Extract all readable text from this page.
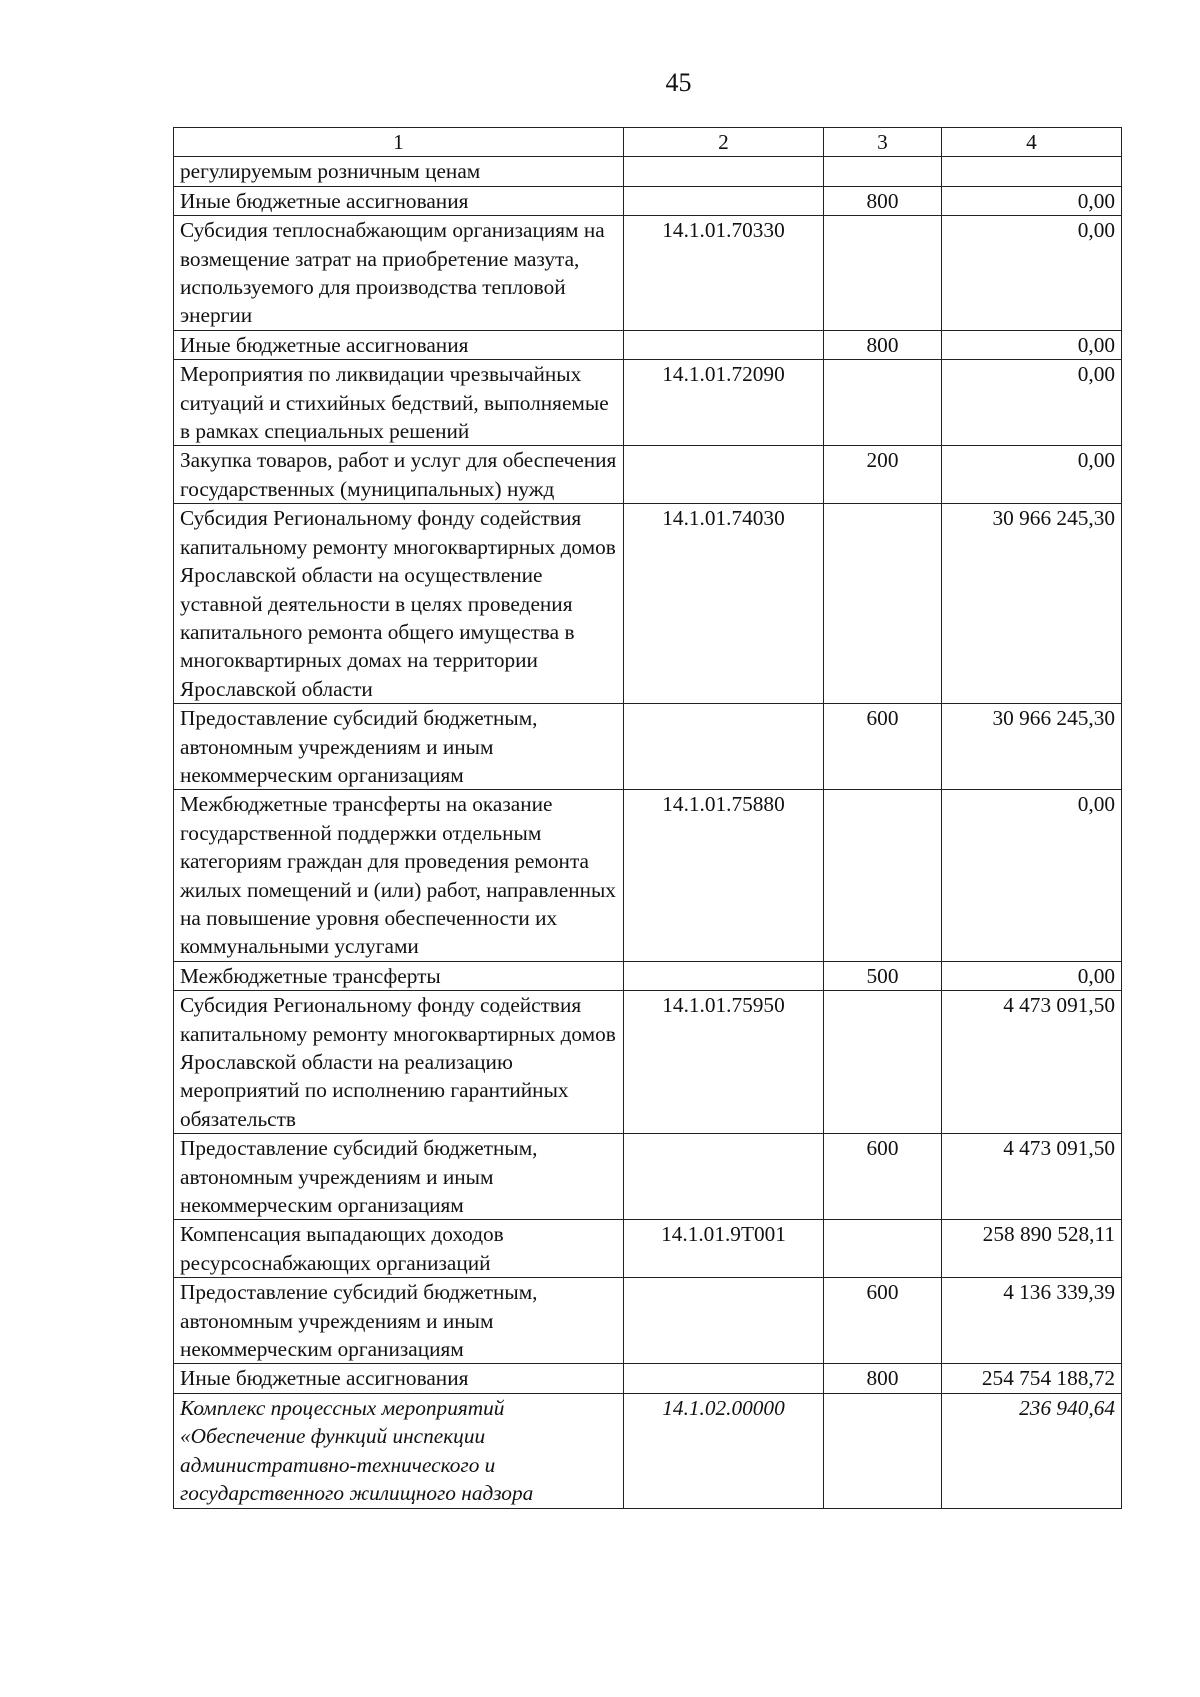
45
1	2	3	4
регулируемым розничным ценам			
Иные бюджетные ассигнования		800	0,00
Субсидия теплоснабжающим организациям на возмещение затрат на приобретение мазута, используемого для производства тепловой энергии	14.1.01.70330		0,00
Иные бюджетные ассигнования		800	0,00
Мероприятия по ликвидации чрезвычайных ситуаций и стихийных бедствий, выполняемые в рамках специальных решений	14.1.01.72090		0,00
Закупка товаров, работ и услуг для обеспечения государственных (муниципальных) нужд		200	0,00
Субсидия Региональному фонду содействия капитальному ремонту многоквартирных домов Ярославской области на осуществление уставной деятельности в целях проведения капитального ремонта общего имущества в многоквартирных домах на территории Ярославской области	14.1.01.74030		30 966 245,30
Предоставление субсидий бюджетным, автономным учреждениям и иным некоммерческим организациям		600	30 966 245,30
Межбюджетные трансферты на оказание государственной поддержки отдельным категориям граждан для проведения ремонта жилых помещений и (или) работ, направленных на повышение уровня обеспеченности их коммунальными услугами	14.1.01.75880		0,00
Межбюджетные трансферты		500	0,00
Субсидия Региональному фонду содействия капитальному ремонту многоквартирных домов Ярославской области на реализацию мероприятий по исполнению гарантийных обязательств	14.1.01.75950		4 473 091,50
Предоставление субсидий бюджетным, автономным учреждениям и иным некоммерческим организациям		600	4 473 091,50
Компенсация выпадающих доходов ресурсоснабжающих организаций	14.1.01.9Т001		258 890 528,11
Предоставление субсидий бюджетным, автономным учреждениям и иным некоммерческим организациям		600	4 136 339,39
Иные бюджетные ассигнования		800	254 754 188,72
Комплекс процессных мероприятий «Обеспечение функций инспекции административно-технического и государственного жилищного надзора	14.1.02.00000		236 940,64
